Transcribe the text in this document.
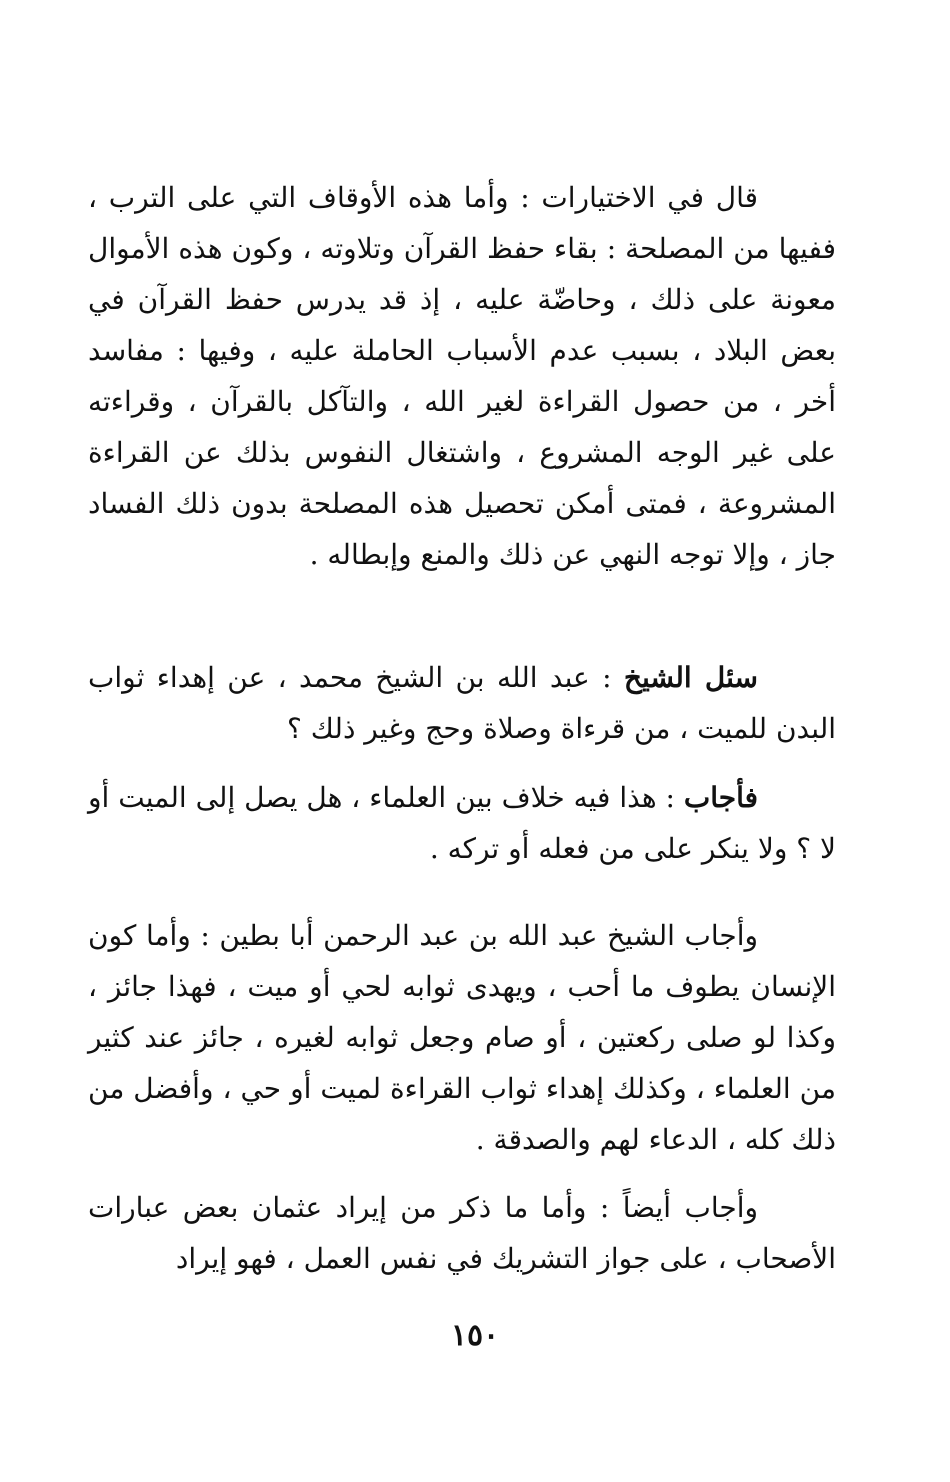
قال في الاختيارات : وأما هذه الأوقاف التي على الترب ، ففيها من المصلحة : بقاء حفظ القرآن وتلاوته ، وكون هذه الأموال معونة على ذلك ، وحاضّة عليه ، إذ قد يدرس حفظ القرآن في بعض البلاد ، بسبب عدم الأسباب الحاملة عليه ، وفيها : مفاسد أخر ، من حصول القراءة لغير الله ، والتآكل بالقرآن ، وقراءته على غير الوجه المشروع ، واشتغال النفوس بذلك عن القراءة المشروعة ، فمتى أمكن تحصيل هذه المصلحة بدون ذلك الفساد جاز ، وإلا توجه النهي عن ذلك والمنع وإبطاله .

سئل الشيخ : عبد الله بن الشيخ محمد ، عن إهداء ثواب البدن للميت ، من قرءاة وصلاة وحج وغير ذلك ؟

فأجاب : هذا فيه خلاف بين العلماء ، هل يصل إلى الميت أو لا ؟ ولا ينكر على من فعله أو تركه .

وأجاب الشيخ عبد الله بن عبد الرحمن أبا بطين : وأما كون الإنسان يطوف ما أحب ، ويهدى ثوابه لحي أو ميت ، فهذا جائز ، وكذا لو صلى ركعتين ، أو صام وجعل ثوابه لغيره ، جائز عند كثير من العلماء ، وكذلك إهداء ثواب القراءة لميت أو حي ، وأفضل من ذلك كله ، الدعاء لهم والصدقة .

وأجاب أيضاً : وأما ما ذكر من إيراد عثمان بعض عبارات الأصحاب ، على جواز التشريك في نفس العمل ، فهو إيراد

١٥٠
